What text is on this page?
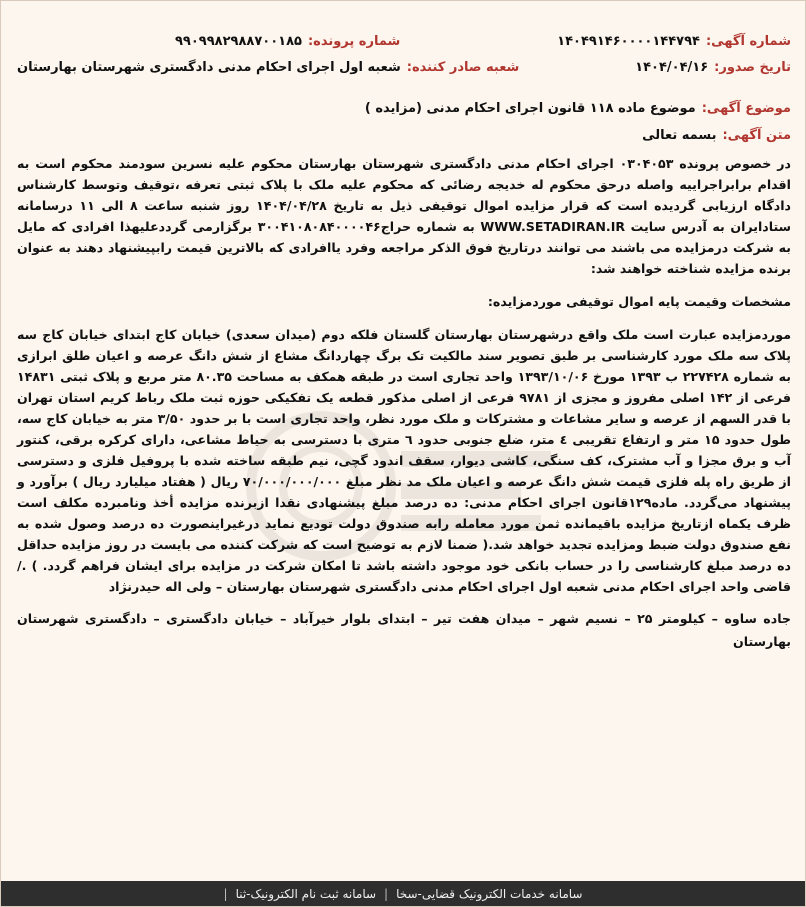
شماره آگهی:
۱۴۰۴۹۱۴۶۰۰۰۰۱۴۴۷۹۴
شماره پرونده:
۹۹۰۹۹۸۲۹۸۸۷۰۰۱۸۵
تاریخ صدور:
۱۴۰۴/۰۴/۱۶
شعبه صادر کننده:
شعبه اول اجرای احکام مدنی دادگستری شهرستان بهارستان
موضوع آگهی:
موضوع ماده ۱۱۸ قانون اجرای احکام مدنی (مزایده )
متن آگهی:
بسمه تعالی

در خصوص پرونده ۰۳۰۴۰۵۳ اجرای احکام مدنی دادگستری شهرستان بهارستان محکوم علیه نسرین سودمند محکوم است به اقدام برابراجراییه واصله درحق محکوم له خدیجه رضائی که محکوم علیه ملک با پلاک ثبتی تعرفه ،توقیف وتوسط کارشناس دادگاه ارزیابی گردیده است که قرار مزایده اموال توقیفی ذیل به تاریخ ۱۴۰۴/۰۴/۲۸ روز شنبه ساعت ۸ الی ۱۱ درسامانه ستادایران به آدرس سایت WWW.SETADIRAN.IR به شماره حراج۳۰۰۴۱۰۸۰۸۴۰۰۰۰۴۶ برگزارمی گرددعلیهذا افرادی که مایل به شرکت درمزایده می باشند می توانند درتاریخ فوق الذکر مراجعه وفرد یاافرادی که بالاترین قیمت رابپیشنهاد دهند به عنوان برنده مزایده شناخته خواهند شد:

مشخصات وقیمت پایه اموال توقیفی موردمزایده:

موردمزایده عبارت است ملک واقع درشهرستان بهارستان گلستان فلکه دوم (میدان سعدی) خیابان کاج ابتدای خیابان کاج سه پلاک سه ملک مورد کارشناسی بر طبق تصویر سند مالکیت تک برگ چهاردانگ مشاع از شش دانگ عرصه و اعیان طلق ابرازی به شماره ۲۲۷۴۲۸ ب ۱۳۹۳ مورخ ۱۳۹۳/۱۰/۰۶ واحد تجاری است در طبقه همکف به مساحت ۸۰.۳۵ متر مربع و پلاک ثبتی ۱۴۸۳۱ فرعی از ۱۴۲ اصلی مفروز و مجزی از ۹۷۸۱ فرعی از اصلی مذکور قطعه یک تفکیکی حوزه ثبت ملک رباط کریم استان تهران با قدر السهم از عرصه و سایر مشاعات و مشترکات و ملک مورد نظر، واحد تجاری است با بر حدود ۳/۵۰ متر به خیابان کاج سه، طول حدود ۱۵ متر و ارتفاع تقریبی ٤ متر، ضلع جنوبی حدود ٦ متری با دسترسی به حیاط مشاعی، دارای کرکره برقی، کنتور آب و برق مجزا و آب مشترک، کف سنگی، کاشی دیوار، سقف اندود گچی، نیم طبقه ساخته شده با پروفیل فلزی و دسترسی از طریق راه پله فلزی قیمت شش دانگ عرصه و اعیان ملک مد نظر مبلغ ۷۰/۰۰۰/۰۰۰/۰۰۰ ریال ( هفتاد میلیارد ریال ) برآورد و پیشنهاد می‌گردد. ماده۱۲۹قانون اجرای احکام مدنی: ده درصد مبلغ پیشنهادی نقدا ازبرنده مزایده أخذ ونامبرده مکلف است ظرف یکماه ازتاریخ مزایده باقیمانده ثمن مورد معامله رابه صندوق دولت تودیع نماید درغیراینصورت ده درصد وصول شده به نفع صندوق دولت ضبط ومزایده تجدید خواهد شد.( ضمنا لازم به توضیح است که شرکت کننده می بایست در روز مزایده حداقل ده درصد مبلغ کارشناسی را در حساب بانکی خود موجود داشته باشد تا امکان شرکت در مزایده برای ایشان فراهم گردد. ) ./ قاضی واحد اجرای احکام مدنی شعبه اول اجرای احکام مدنی دادگستری شهرستان بهارستان – ولی اله حیدرنژاد

جاده ساوه – کیلومتر ۲۵ – نسیم شهر – میدان هفت تیر – ابتدای بلوار خیرآباد – خیابان دادگستری – دادگستری شهرستان بهارستان

سامانه خدمات الکترونیک قضایی-سخا
|
سامانه ثبت نام الکترونیک-ثنا
|
